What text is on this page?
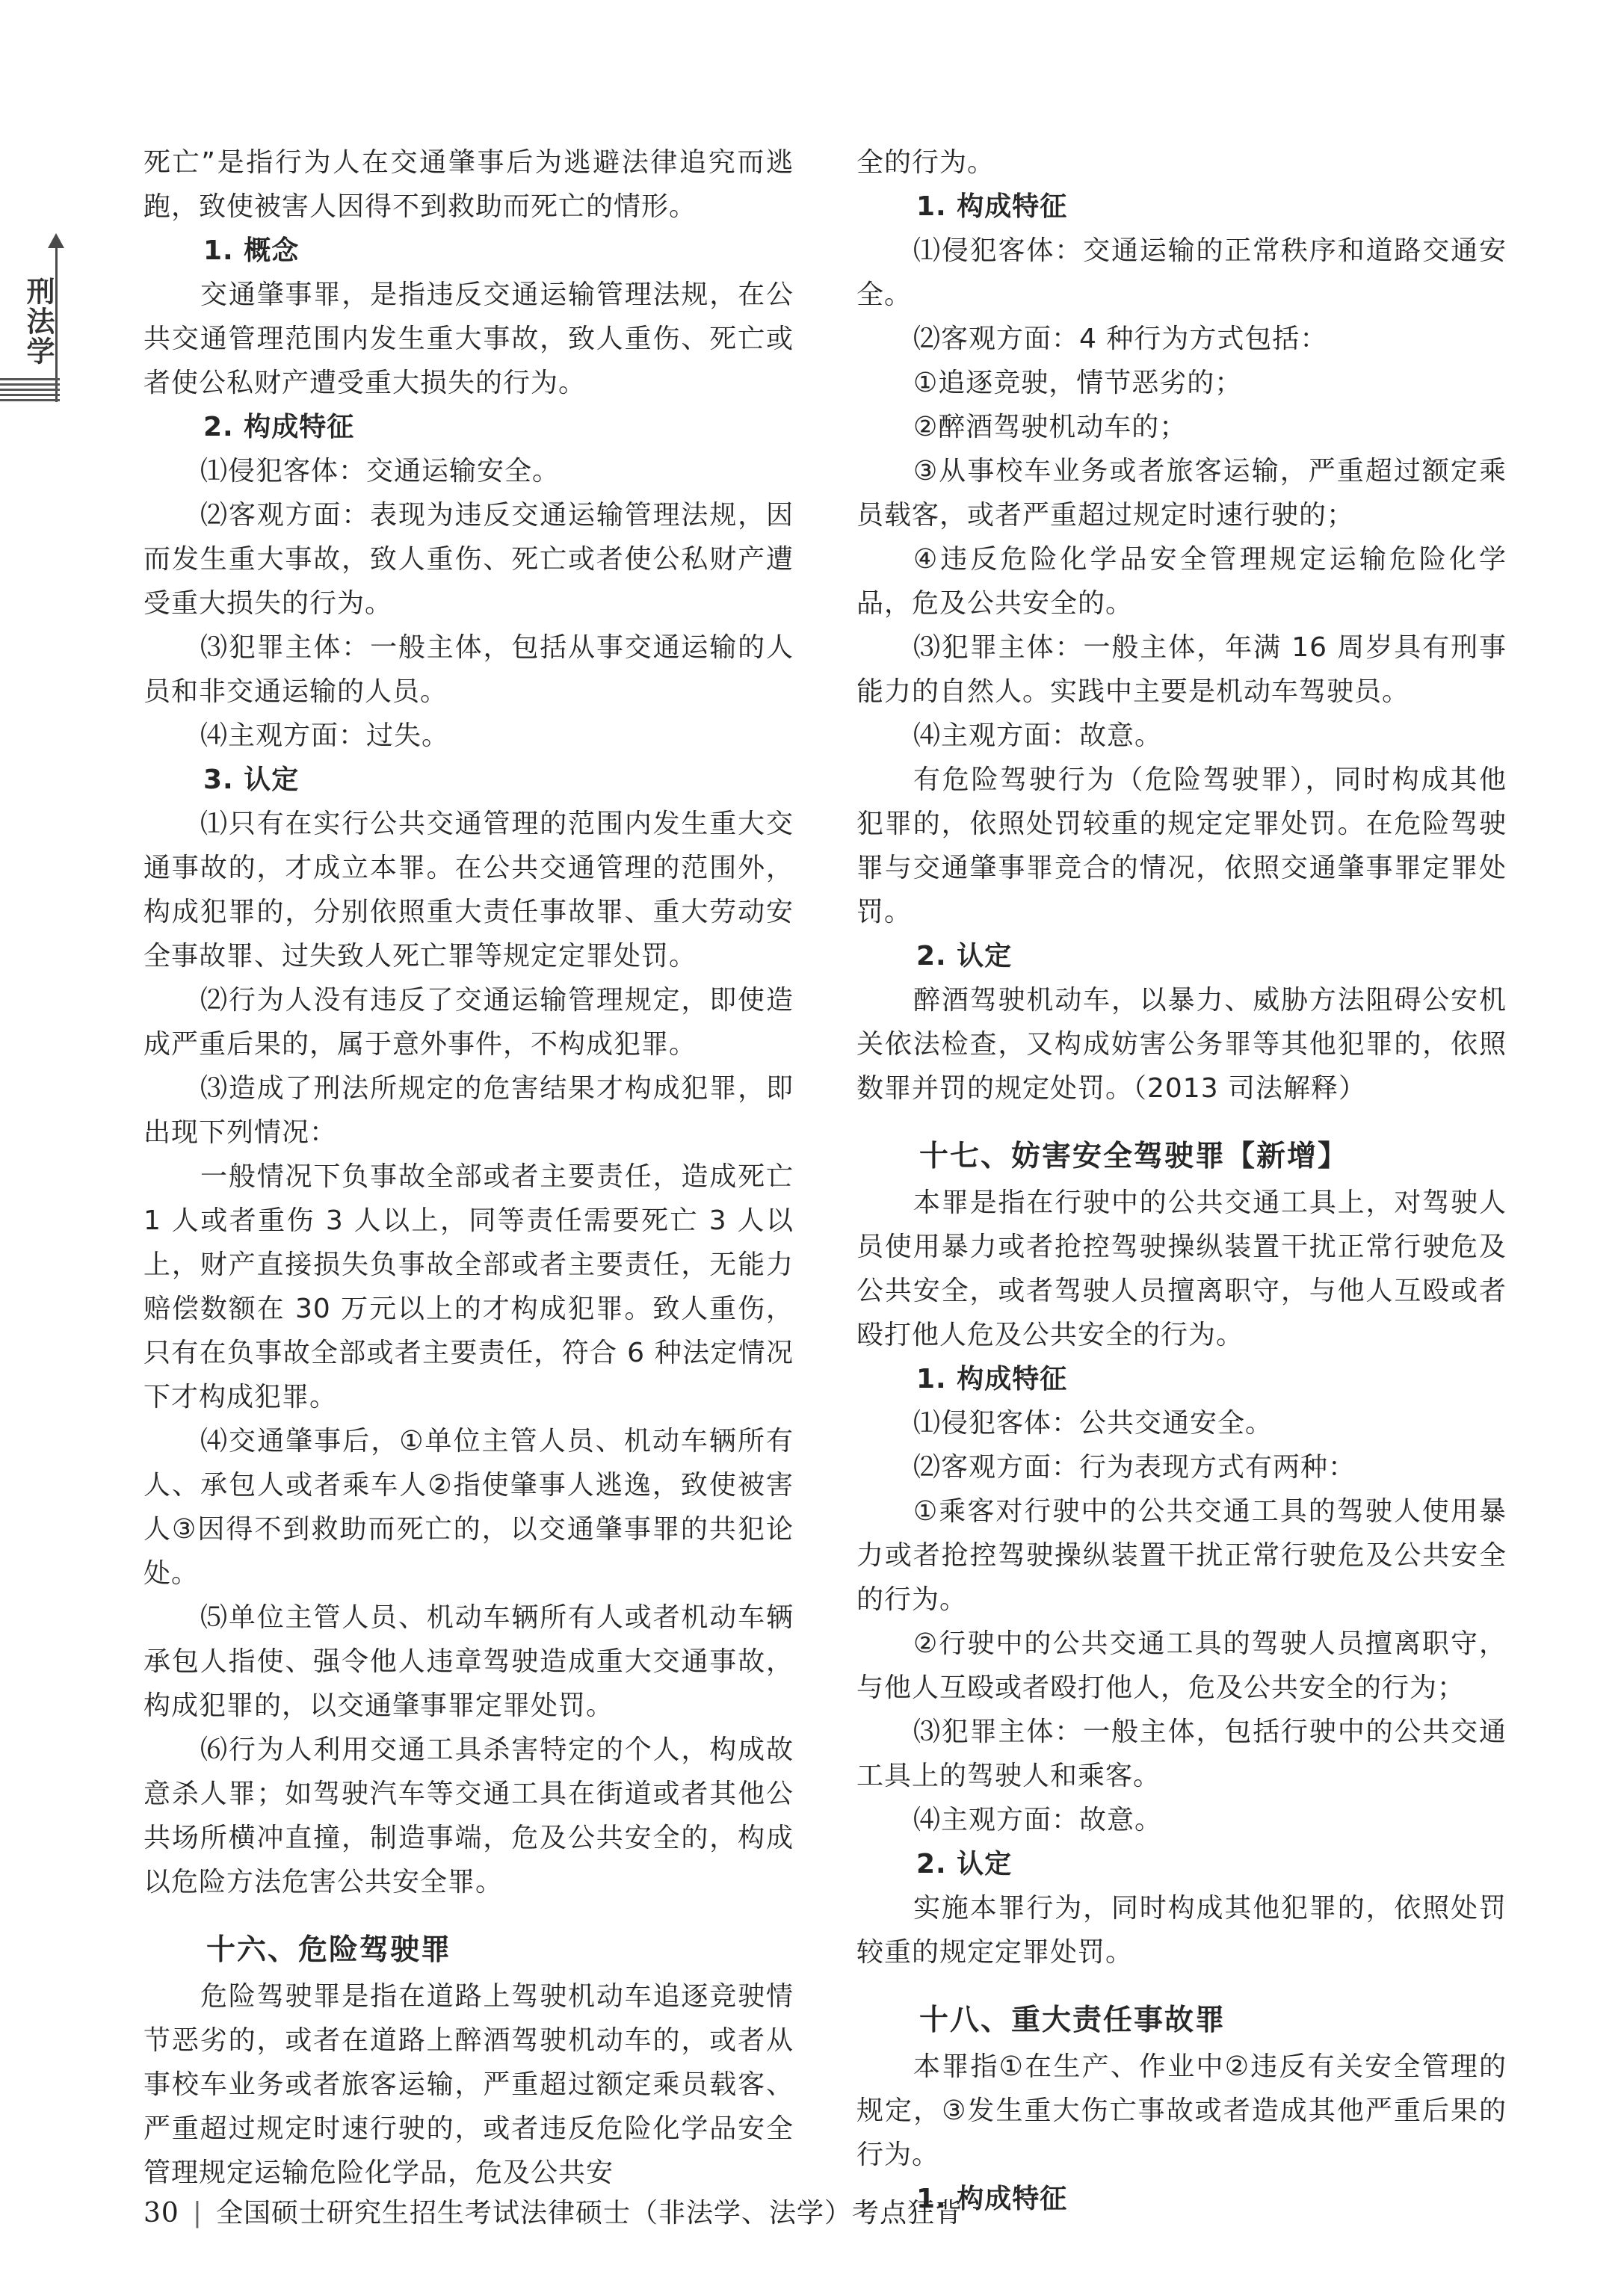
刑法学

死亡”是指行为人在交通肇事后为逃避法律追究而逃跑，致使被害人因得不到救助而死亡的情形。

1. 概念

交通肇事罪，是指违反交通运输管理法规，在公共交通管理范围内发生重大事故，致人重伤、死亡或者使公私财产遭受重大损失的行为。

2. 构成特征

⑴侵犯客体：交通运输安全。

⑵客观方面：表现为违反交通运输管理法规，因而发生重大事故，致人重伤、死亡或者使公私财产遭受重大损失的行为。

⑶犯罪主体：一般主体，包括从事交通运输的人员和非交通运输的人员。

⑷主观方面：过失。

3. 认定

⑴只有在实行公共交通管理的范围内发生重大交通事故的，才成立本罪。在公共交通管理的范围外，构成犯罪的，分别依照重大责任事故罪、重大劳动安全事故罪、过失致人死亡罪等规定定罪处罚。

⑵行为人没有违反了交通运输管理规定，即使造成严重后果的，属于意外事件，不构成犯罪。

⑶造成了刑法所规定的危害结果才构成犯罪，即出现下列情况：

一般情况下负事故全部或者主要责任，造成死亡 1 人或者重伤 3 人以上，同等责任需要死亡 3 人以上，财产直接损失负事故全部或者主要责任，无能力赔偿数额在 30 万元以上的才构成犯罪。致人重伤，只有在负事故全部或者主要责任，符合 6 种法定情况下才构成犯罪。

⑷交通肇事后，①单位主管人员、机动车辆所有人、承包人或者乘车人②指使肇事人逃逸，致使被害人③因得不到救助而死亡的，以交通肇事罪的共犯论处。

⑸单位主管人员、机动车辆所有人或者机动车辆承包人指使、强令他人违章驾驶造成重大交通事故，构成犯罪的，以交通肇事罪定罪处罚。

⑹行为人利用交通工具杀害特定的个人，构成故意杀人罪；如驾驶汽车等交通工具在街道或者其他公共场所横冲直撞，制造事端，危及公共安全的，构成以危险方法危害公共安全罪。

十六、危险驾驶罪

危险驾驶罪是指在道路上驾驶机动车追逐竞驶情节恶劣的，或者在道路上醉酒驾驶机动车的，或者从事校车业务或者旅客运输，严重超过额定乘员载客、严重超过规定时速行驶的，或者违反危险化学品安全管理规定运输危险化学品，危及公共安

全的行为。

1. 构成特征

⑴侵犯客体：交通运输的正常秩序和道路交通安全。

⑵客观方面：4 种行为方式包括：

①追逐竞驶，情节恶劣的；

②醉酒驾驶机动车的；

③从事校车业务或者旅客运输，严重超过额定乘员载客，或者严重超过规定时速行驶的；

④违反危险化学品安全管理规定运输危险化学品，危及公共安全的。

⑶犯罪主体：一般主体，年满 16 周岁具有刑事能力的自然人。实践中主要是机动车驾驶员。

⑷主观方面：故意。

有危险驾驶行为（危险驾驶罪），同时构成其他犯罪的，依照处罚较重的规定定罪处罚。在危险驾驶罪与交通肇事罪竞合的情况，依照交通肇事罪定罪处罚。

2. 认定

醉酒驾驶机动车，以暴力、威胁方法阻碍公安机关依法检查，又构成妨害公务罪等其他犯罪的，依照数罪并罚的规定处罚。（2013 司法解释）

十七、妨害安全驾驶罪【新增】

本罪是指在行驶中的公共交通工具上，对驾驶人员使用暴力或者抢控驾驶操纵装置干扰正常行驶危及公共安全，或者驾驶人员擅离职守，与他人互殴或者殴打他人危及公共安全的行为。

1. 构成特征

⑴侵犯客体：公共交通安全。

⑵客观方面：行为表现方式有两种：

①乘客对行驶中的公共交通工具的驾驶人使用暴力或者抢控驾驶操纵装置干扰正常行驶危及公共安全的行为。

②行驶中的公共交通工具的驾驶人员擅离职守，与他人互殴或者殴打他人，危及公共安全的行为；

⑶犯罪主体：一般主体，包括行驶中的公共交通工具上的驾驶人和乘客。

⑷主观方面：故意。

2. 认定

实施本罪行为，同时构成其他犯罪的，依照处罚较重的规定定罪处罚。

十八、重大责任事故罪

本罪指①在生产、作业中②违反有关安全管理的规定，③发生重大伤亡事故或者造成其他严重后果的行为。

1. 构成特征

30 | 全国硕士研究生招生考试法律硕士（非法学、法学）考点狂背
